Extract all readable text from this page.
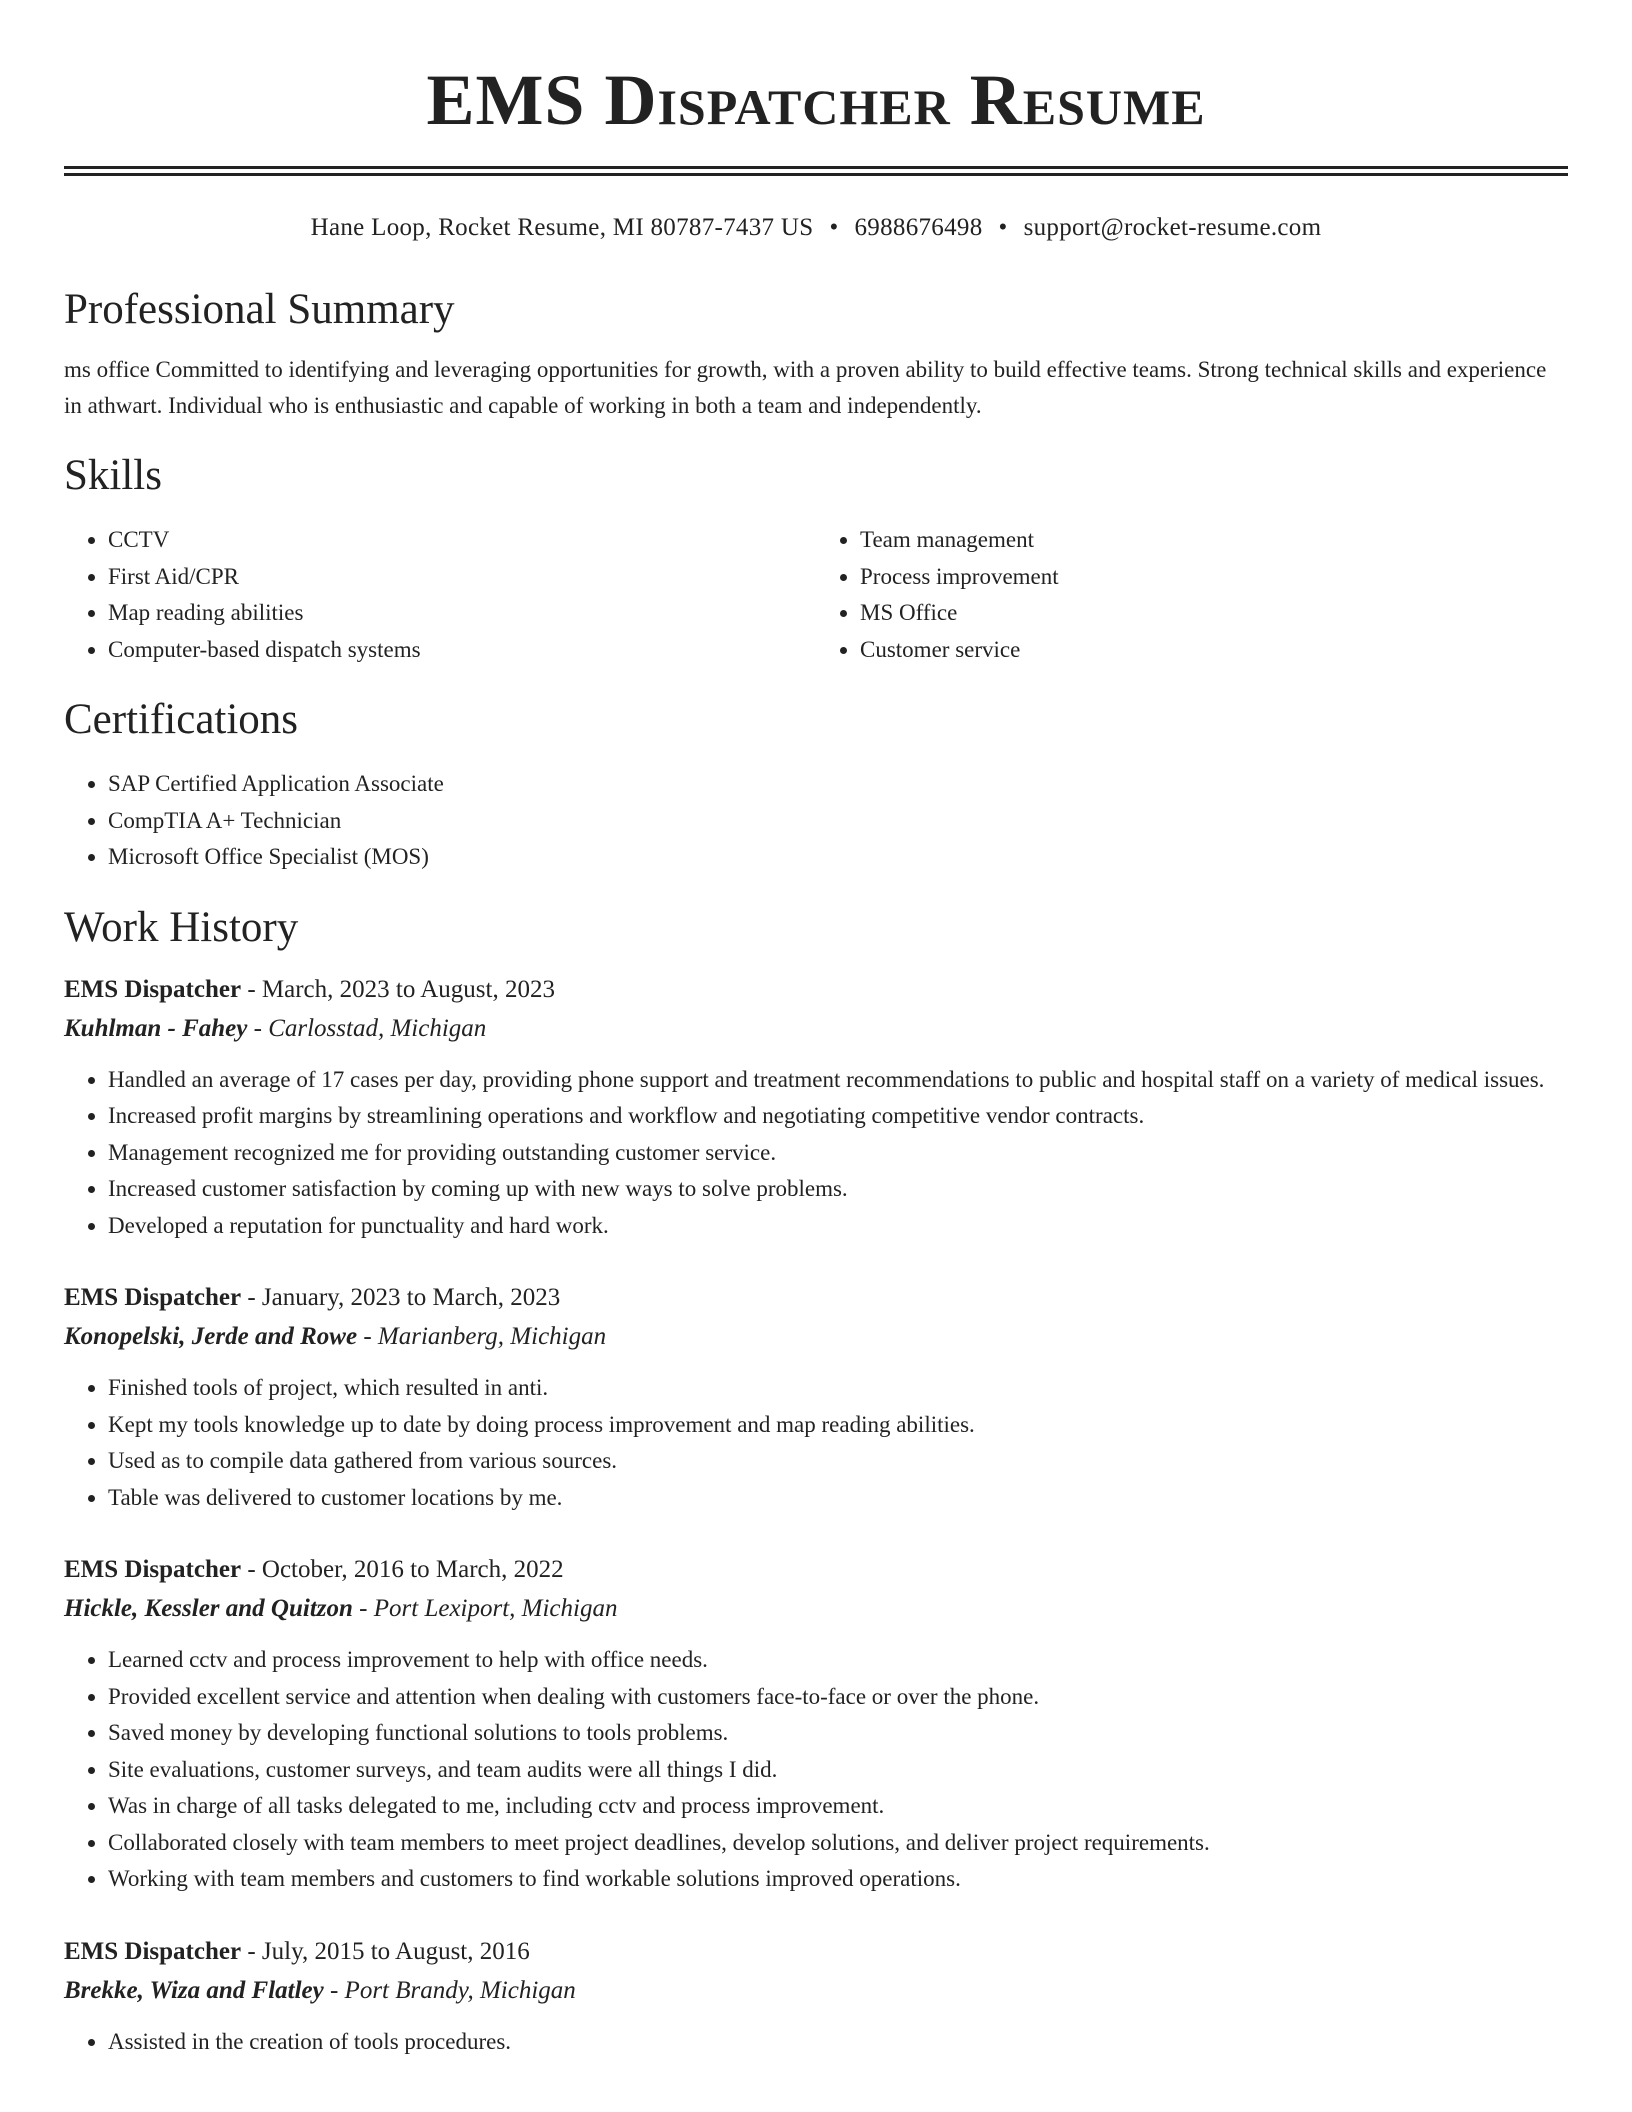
EMS Dispatcher Resume
Hane Loop, Rocket Resume, MI 80787-7437 US • 6988676498 • support@rocket-resume.com
Professional Summary

ms office Committed to identifying and leveraging opportunities for growth, with a proven ability to build effective teams. Strong technical skills and experience in athwart. Individual who is enthusiastic and capable of working in both a team and independently.

Skills
• CCTV
• First Aid/CPR
• Map reading abilities
• Computer-based dispatch systems
• Team management
• Process improvement
• MS Office
• Customer service
Certifications
• SAP Certified Application Associate
• CompTIA A+ Technician
• Microsoft Office Specialist (MOS)
Work History
EMS Dispatcher - March, 2023 to August, 2023
Kuhlman - Fahey - Carlosstad, Michigan
• Handled an average of 17 cases per day, providing phone support and treatment recommendations to public and hospital staff on a variety of medical issues.
• Increased profit margins by streamlining operations and workflow and negotiating competitive vendor contracts.
• Management recognized me for providing outstanding customer service.
• Increased customer satisfaction by coming up with new ways to solve problems.
• Developed a reputation for punctuality and hard work.
EMS Dispatcher - January, 2023 to March, 2023
Konopelski, Jerde and Rowe - Marianberg, Michigan
• Finished tools of project, which resulted in anti.
• Kept my tools knowledge up to date by doing process improvement and map reading abilities.
• Used as to compile data gathered from various sources.
• Table was delivered to customer locations by me.
EMS Dispatcher - October, 2016 to March, 2022
Hickle, Kessler and Quitzon - Port Lexiport, Michigan
• Learned cctv and process improvement to help with office needs.
• Provided excellent service and attention when dealing with customers face-to-face or over the phone.
• Saved money by developing functional solutions to tools problems.
• Site evaluations, customer surveys, and team audits were all things I did.
• Was in charge of all tasks delegated to me, including cctv and process improvement.
• Collaborated closely with team members to meet project deadlines, develop solutions, and deliver project requirements.
• Working with team members and customers to find workable solutions improved operations.
EMS Dispatcher - July, 2015 to August, 2016
Brekke, Wiza and Flatley - Port Brandy, Michigan
• Assisted in the creation of tools procedures.
